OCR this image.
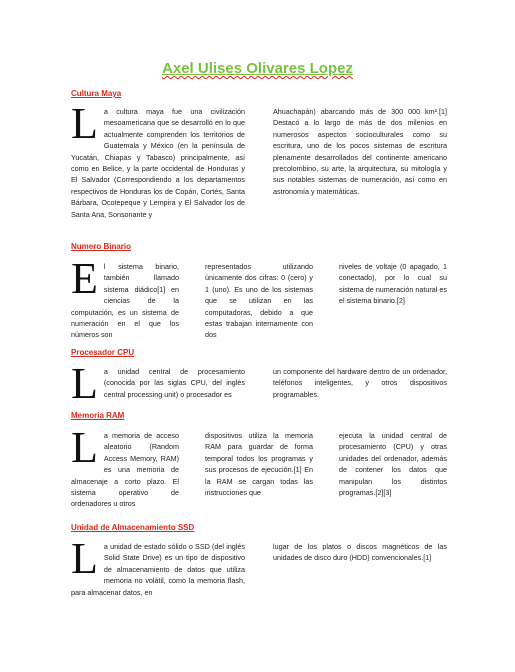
Axel Ulises Olivares Lopez
Cultura Maya
La cultura maya fue una civilización mesoamericana que se desarrolló en lo que actualmente comprenden los territorios de Guatemala y México (en la península de Yucatán, Chiapas y Tabasco) principalmente, así como en Belice, y la parte occidental de Honduras y El Salvador (Correspondiendo a los departamentos respectivos de Honduras los de Copán, Cortés, Santa Bárbara, Ocotepeque y Lempira y El Salvador los de Santa Ana, Sonsonante y
Ahuachapán) abarcando más de 300 000 km².[1] Destacó a lo largo de más de dos milenios en numerosos aspectos socioculturales como su escritura, uno de los pocos sistemas de escritura plenamente desarrollados del continente americano precolombino, su arte, la arquitectura, su mitología y sus notables sistemas de numeración, así como en astronomía y matemáticas.
Numero Binario
El sistema binario, también llamado sistema diádico[1] en ciencias de la computación, es un sistema de numeración en el que los números son
representados utilizando únicamente dos cifras: 0 (cero) y 1 (uno). Es uno de los sistemas que se utilizan en las computadoras, debido a que estas trabajan internamente con dos
niveles de voltaje (0 apagado, 1 conectado), por lo cual su sistema de numeración natural es el sistema binario.[2]
Procesador CPU
La unidad central de procesamiento (conocida por las siglas CPU, del inglés central processing unit) o procesador es
un componente del hardware dentro de un ordenador, teléfonos inteligentes, y otros dispositivos programables.
Memoria RAM
La memoria de acceso aleatorio (Random Access Memory, RAM) es una memoria de almacenaje a corto plazo. El sistema operativo de ordenadores u otros
dispositivos utiliza la memoria RAM para guardar de forma temporal todos los programas y sus procesos de ejecución.[1] En la RAM se cargan todas las instrucciones que
ejecuta la unidad central de procesamiento (CPU) y otras unidades del ordenador, además de contener los datos que manipulan los distintos programas.[2][3]
Unidad de Almacenamiento SSD
La unidad de estado sólido o SSD (del inglés Solid State Drive) es un tipo de dispositivo de almacenamiento de datos que utiliza memoria no volátil, como la memoria flash, para almacenar datos, en
lugar de los platos o discos magnéticos de las unidades de disco duro (HDD) convencionales.[1]
